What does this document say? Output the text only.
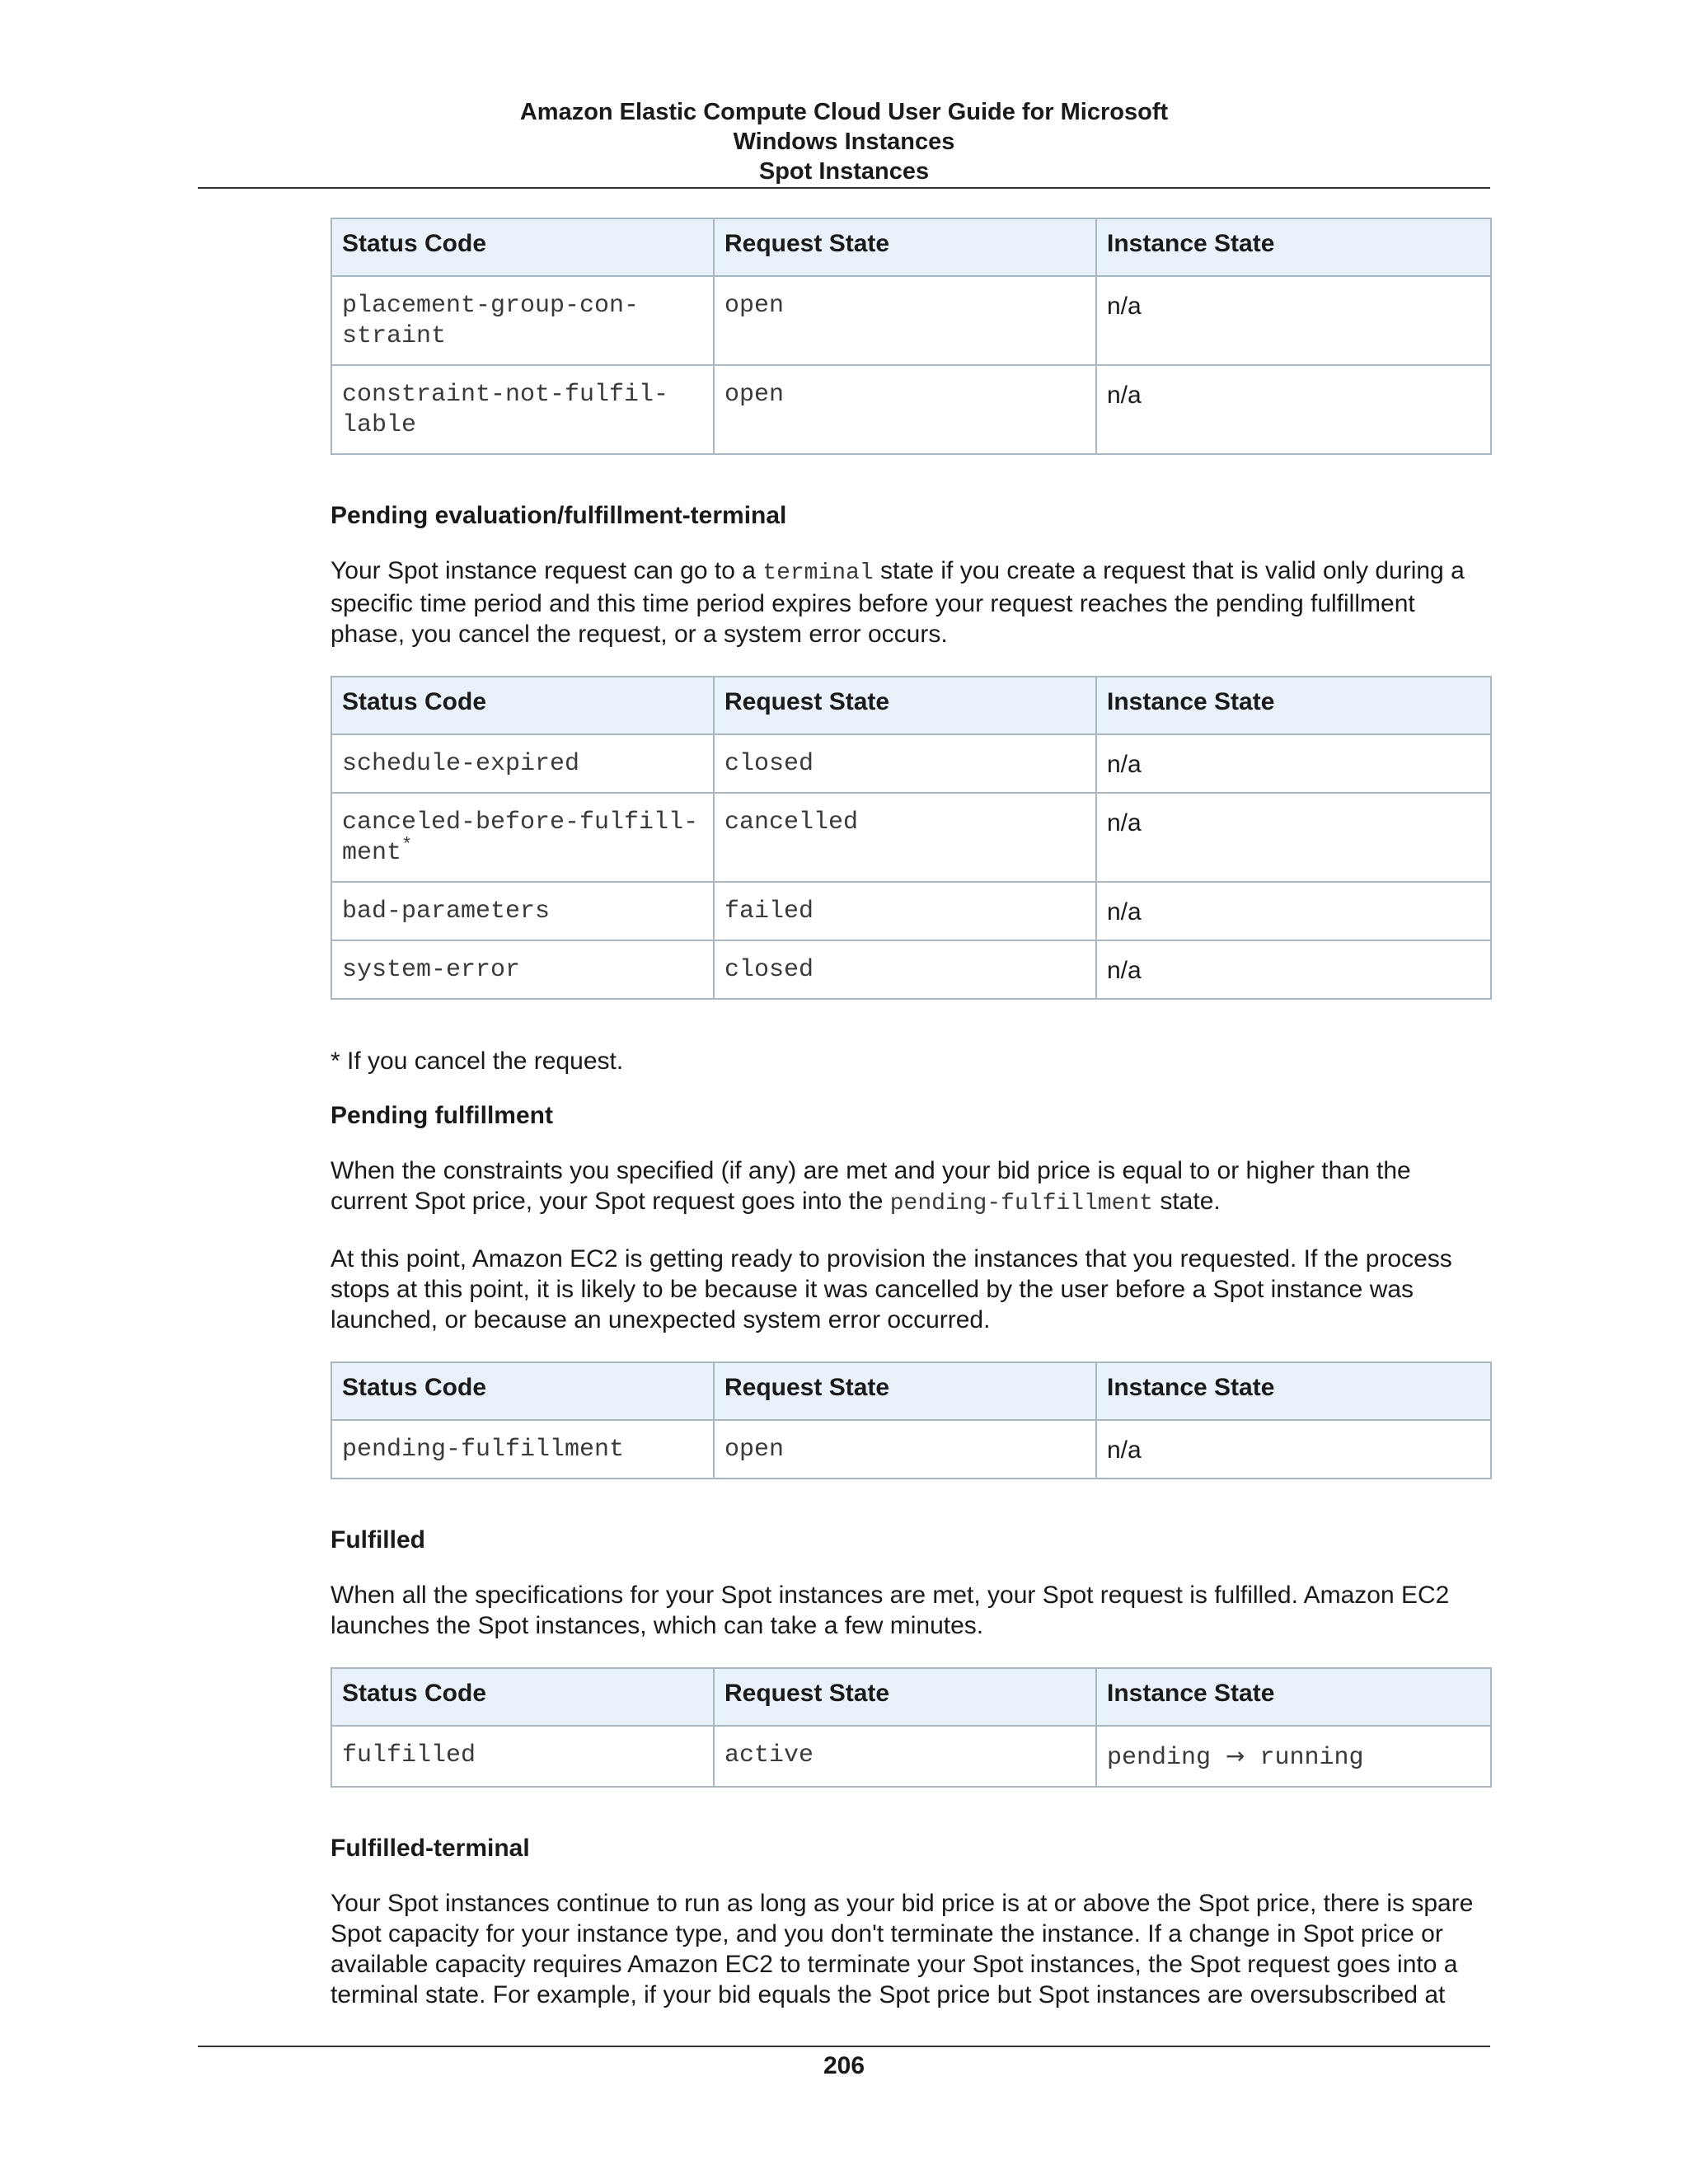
Amazon Elastic Compute Cloud User Guide for Microsoft
Windows Instances
Spot Instances
Status Code	Request State	Instance State
placement-group-con-
straint	open	n/a
constraint-not-fulfil-
lable	open	n/a
Pending evaluation/fulfillment-terminal

Your Spot instance request can go to a terminal state if you create a request that is valid only during a specific time period and this time period expires before your request reaches the pending fulfillment phase, you cancel the request, or a system error occurs.

Status Code	Request State	Instance State
schedule-expired	closed	n/a
canceled-before-fulfill-
ment*	cancelled	n/a
bad-parameters	failed	n/a
system-error	closed	n/a

* If you cancel the request.

Pending fulfillment

When the constraints you specified (if any) are met and your bid price is equal to or higher than the current Spot price, your Spot request goes into the pending-fulfillment state.

At this point, Amazon EC2 is getting ready to provision the instances that you requested. If the process stops at this point, it is likely to be because it was cancelled by the user before a Spot instance was launched, or because an unexpected system error occurred.

Status Code	Request State	Instance State
pending-fulfillment	open	n/a
Fulfilled

When all the specifications for your Spot instances are met, your Spot request is fulfilled. Amazon EC2 launches the Spot instances, which can take a few minutes.

Status Code	Request State	Instance State
fulfilled	active	pending → running
Fulfilled-terminal

Your Spot instances continue to run as long as your bid price is at or above the Spot price, there is spare Spot capacity for your instance type, and you don't terminate the instance. If a change in Spot price or available capacity requires Amazon EC2 to terminate your Spot instances, the Spot request goes into a terminal state. For example, if your bid equals the Spot price but Spot instances are oversubscribed at

206
